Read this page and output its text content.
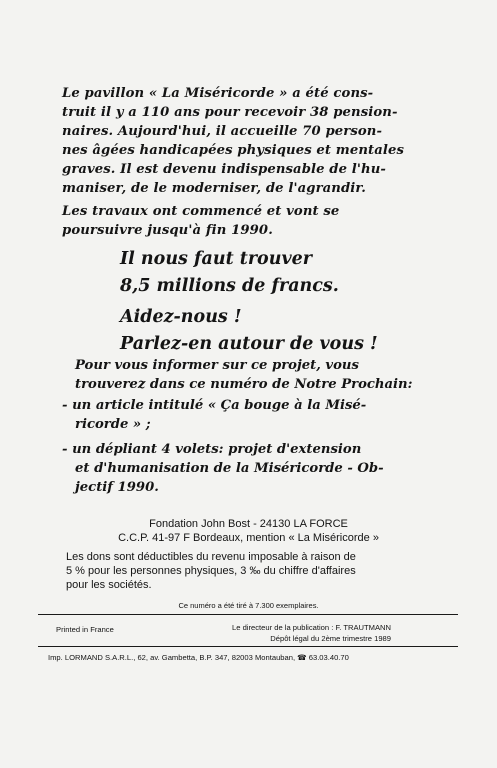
Le pavillon « La Miséricorde » a été cons-
truit il y a 110 ans pour recevoir 38 pension-
naires. Aujourd'hui, il accueille 70 person-
nes âgées handicapées physiques et mentales
graves. Il est devenu indispensable de l'hu-
maniser, de le moderniser, de l'agrandir.

Les travaux ont commencé et vont se
poursuivre jusqu'à fin 1990.

Il nous faut trouver
8,5 millions de francs.
Aidez-nous !
Parlez-en autour de vous !
Pour vous informer sur ce projet, vous
trouverez dans ce numéro de Notre Prochain:
- un article intitulé « Ça bouge à la Misé-
ricorde » ;
- un dépliant 4 volets: projet d'extension
et d'humanisation de la Miséricorde - Ob-
jectif 1990.
Fondation John Bost - 24130 LA FORCE
C.C.P. 41-97 F Bordeaux, mention « La Miséricorde »
Les dons sont déductibles du revenu imposable à raison de
5 % pour les personnes physiques, 3 ‰ du chiffre d'affaires
pour les sociétés.
Ce numéro a été tiré à 7.300 exemplaires.
Printed in France	Le directeur de la publication : F. TRAUTMANN
Dépôt légal du 2ème trimestre 1989
Imp. LORMAND S.A.R.L., 62, av. Gambetta, B.P. 347, 82003 Montauban, ☎ 63.03.40.70
